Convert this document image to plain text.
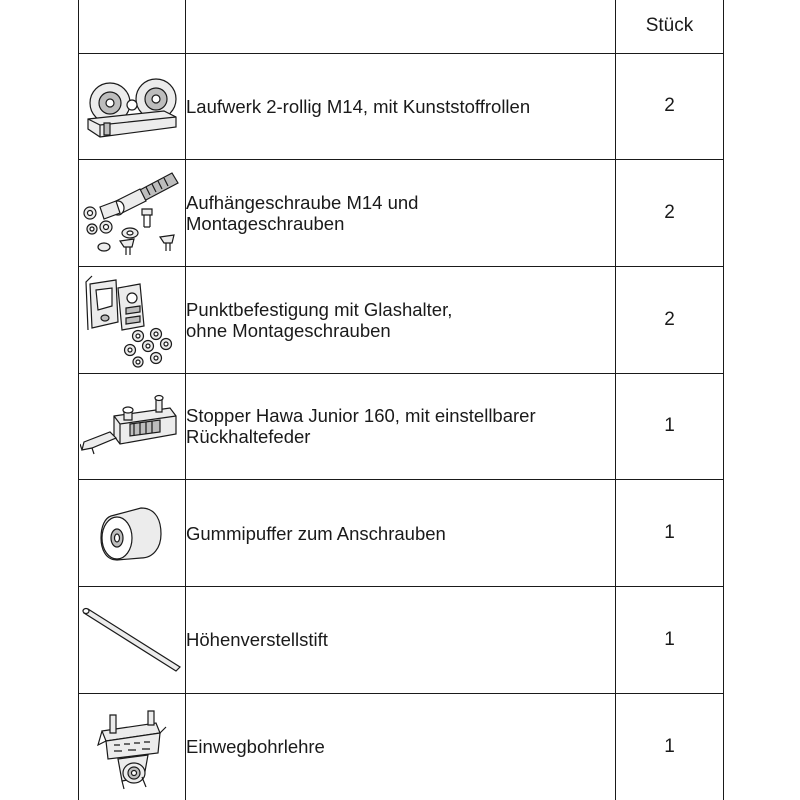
		Stück

Laufwerk 2-rollig M14, mit Kunststoffrollen	2

Aufhängeschraube M14 und
Montageschrauben	2

Punktbefestigung mit Glashalter,
ohne Montageschrauben	2

Stopper Hawa Junior 160, mit einstellbarer
Rückhaltefeder	1

Gummipuffer zum Anschrauben	1

Höhenverstellstift	1

Einwegbohrlehre	1
